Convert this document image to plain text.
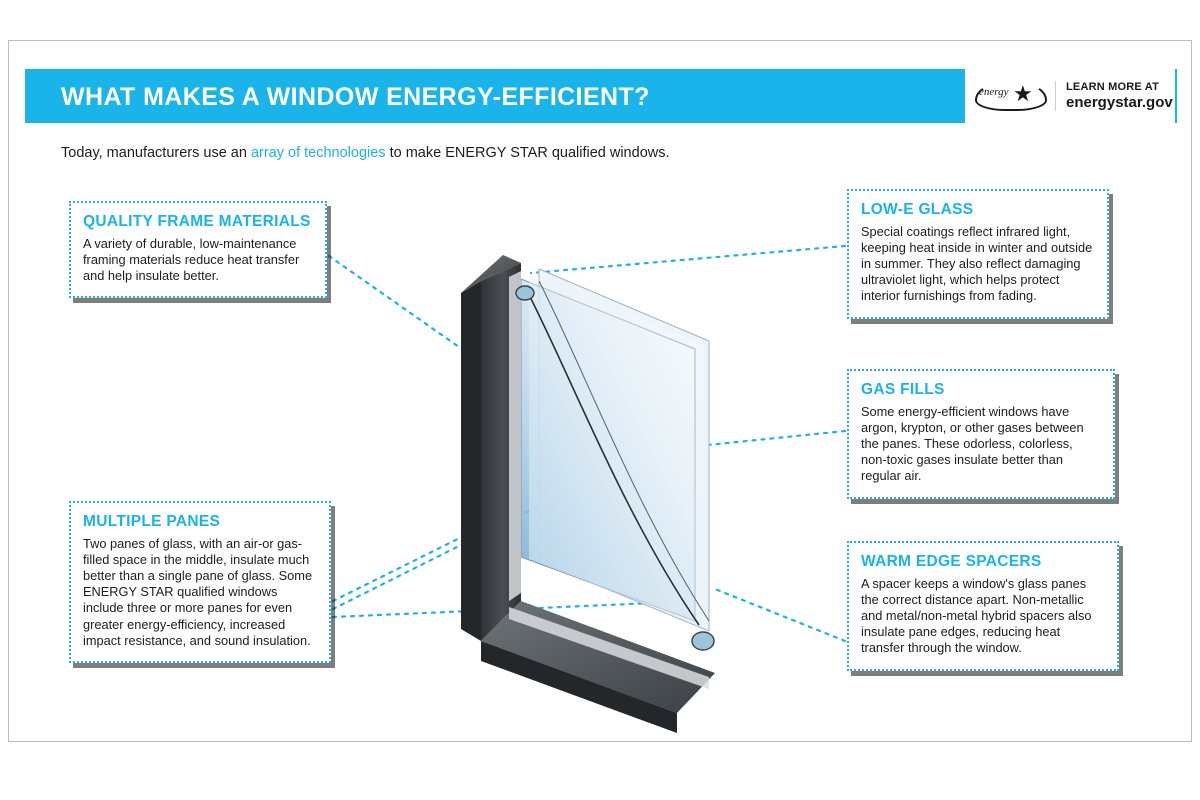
WHAT MAKES A WINDOW ENERGY-EFFICIENT?	energy ★	LEARN MORE AT
energystar.gov
Today, manufacturers use an array of technologies to make ENERGY STAR qualified windows.
QUALITY FRAME MATERIALS

A variety of durable, low-maintenance framing materials reduce heat transfer and help insulate better.

MULTIPLE PANES

Two panes of glass, with an air-or gas-filled space in the middle, insulate much better than a single pane of glass. Some ENERGY STAR qualified windows include three or more panes for even greater energy-efficiency, increased impact resistance, and sound insulation.

LOW-E GLASS

Special coatings reflect infrared light, keeping heat inside in winter and outside in summer. They also reflect damaging ultraviolet light, which helps protect interior furnishings from fading.

GAS FILLS

Some energy-efficient windows have argon, krypton, or other gases between the panes. These odorless, colorless, non-toxic gases insulate better than regular air.

WARM EDGE SPACERS

A spacer keeps a window's glass panes the correct distance apart. Non-metallic and metal/non-metal hybrid spacers also insulate pane edges, reducing heat transfer through the window.
